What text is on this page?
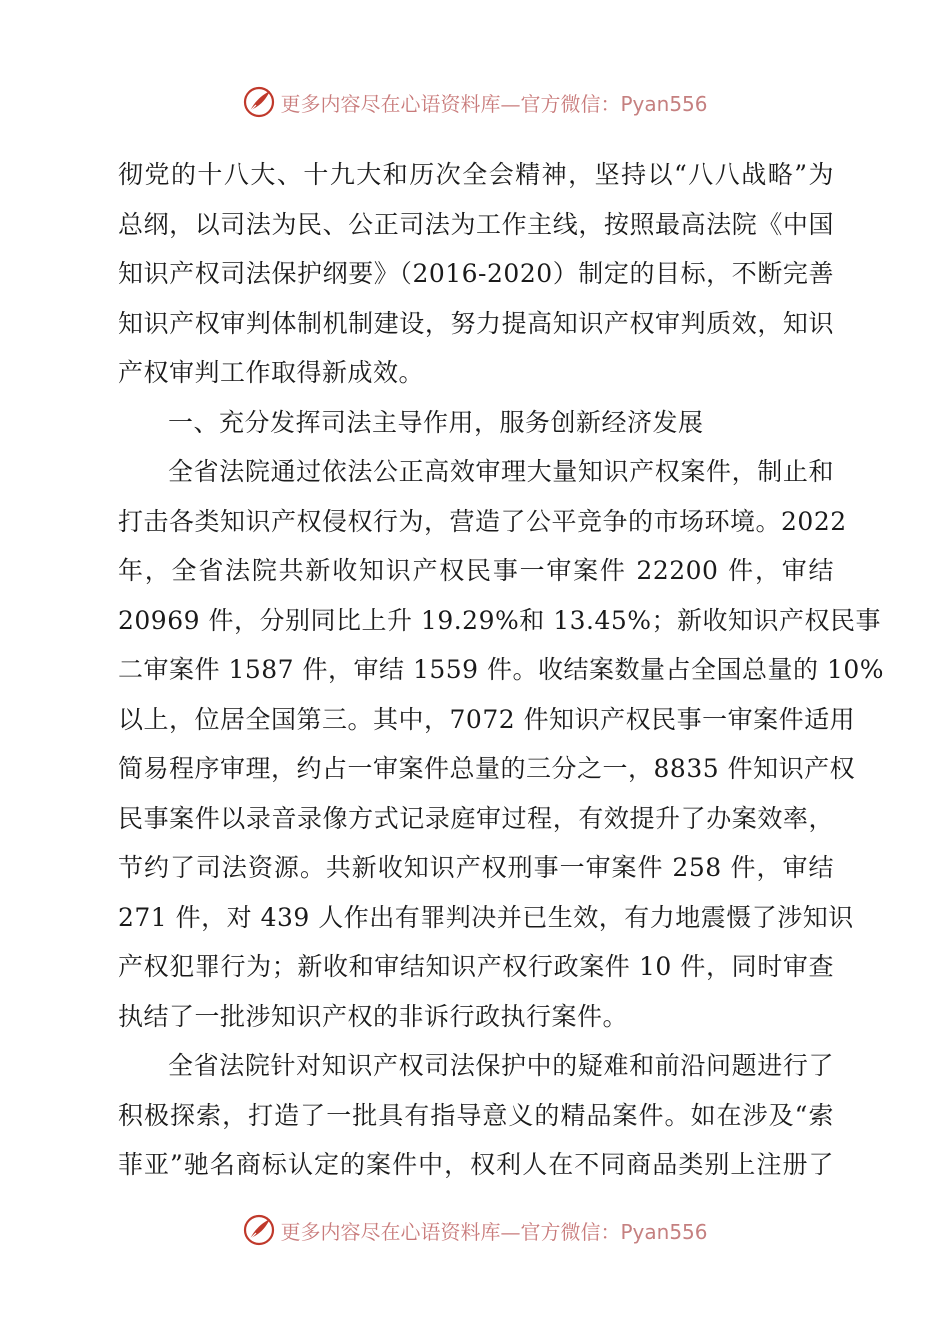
更多内容尽在心语资料库—官方微信：Pyan556
彻党的十八大、十九大和历次全会精神，坚持以“八八战略”为
总纲，以司法为民、公正司法为工作主线，按照最高法院《中国
知识产权司法保护纲要》（2016-2020）制定的目标，不断完善
知识产权审判体制机制建设，努力提高知识产权审判质效，知识
产权审判工作取得新成效。
一、充分发挥司法主导作用，服务创新经济发展
全省法院通过依法公正高效审理大量知识产权案件，制止和
打击各类知识产权侵权行为，营造了公平竞争的市场环境。2022
年，全省法院共新收知识产权民事一审案件 22200 件，审结
20969 件，分别同比上升 19.29%和 13.45%；新收知识产权民事
二审案件 1587 件，审结 1559 件。收结案数量占全国总量的 10%
以上，位居全国第三。其中，7072 件知识产权民事一审案件适用
简易程序审理，约占一审案件总量的三分之一，8835 件知识产权
民事案件以录音录像方式记录庭审过程，有效提升了办案效率，
节约了司法资源。共新收知识产权刑事一审案件 258 件，审结
271 件，对 439 人作出有罪判决并已生效，有力地震慑了涉知识
产权犯罪行为；新收和审结知识产权行政案件 10 件，同时审查
执结了一批涉知识产权的非诉行政执行案件。
全省法院针对知识产权司法保护中的疑难和前沿问题进行了
积极探索，打造了一批具有指导意义的精品案件。如在涉及“索
菲亚”驰名商标认定的案件中，权利人在不同商品类别上注册了
更多内容尽在心语资料库—官方微信：Pyan556
